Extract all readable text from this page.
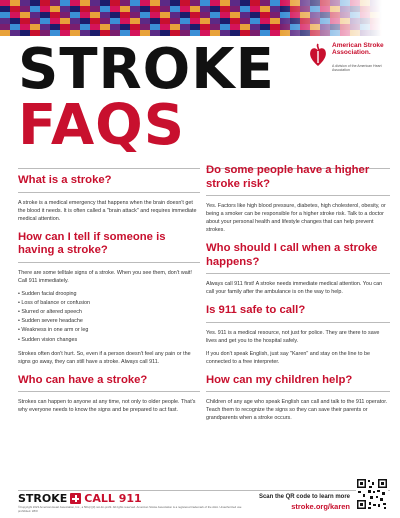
American Stroke Association.
A division of the American Heart Association
STROKE
FAQS
What is a stroke?
A stroke is a medical emergency that happens when the brain doesn't get the blood it needs. It is often called a "brain attack" and requires immediate medical attention.
How can I tell if someone is having a stroke?
There are some telltale signs of a stroke. When you see them, don't wait! Call 911 immediately.
• Sudden facial drooping
• Loss of balance or confusion
• Slurred or altered speech
• Sudden severe headache
• Weakness in one arm or leg
• Sudden vision changes
Strokes often don't hurt. So, even if a person doesn't feel any pain or the signs go away, they can still have a stroke. Always call 911.
Who can have a stroke?
Strokes can happen to anyone at any time, not only to older people. That's why everyone needs to know the signs and be prepared to act fast.
Do some people have a higher stroke risk?
Yes. Factors like high blood pressure, diabetes, high cholesterol, obesity, or being a smoker can be responsible for a higher stroke risk. Talk to a doctor about your personal health and lifestyle changes that can help prevent strokes.
Who should I call when a stroke happens?
Always call 911 first! A stroke needs immediate medical attention. You can call your family after the ambulance is on the way to help.
Is 911 safe to call?
Yes. 911 is a medical resource, not just for police. They are there to save lives and get you to the hospital safely.
If you don't speak English, just say "Karen" and stay on the line to be connected to a free interpreter.
How can my children help?
Children of any age who speak English can call and talk to the 911 operator. Teach them to recognize the signs so they can save their parents or grandparents when a stroke occurs.
STROKE CALL 911
©Copyright 2023 American Heart Association, Inc., a 501(c)(3) not-for-profit. All rights reserved. American Stroke Association is a registered trademark of the AHA. Unauthorized use prohibited. WF#
Scan the QR code to learn more
stroke.org/karen
